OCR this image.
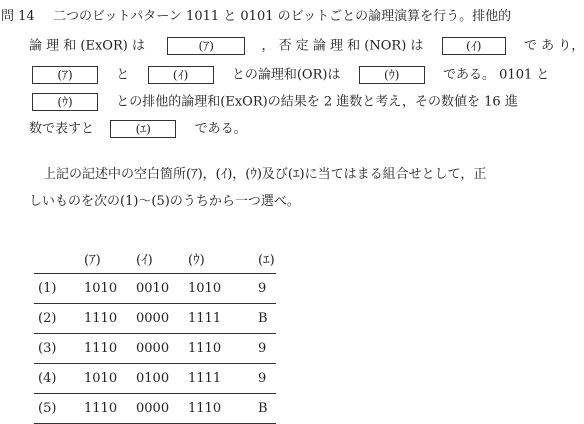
問 14 二つのビットパターン 1011 と 0101 のビットごとの論理演算を行う。排他的
論 理 和 (ExOR) は	(ｱ)	， 否 定 論 理 和 (NOR) は	(ｲ)	で あ り，
(ｱ)	と	(ｲ)	との論理和(OR)は	(ｳ)	である。 0101 と
(ｳ)	との排他的論理和(ExOR)の結果を 2 進数と考え，その数値を 16 進
数で表すと	(ｴ)	である。
上記の記述中の空白箇所(ｱ)，(ｲ)，(ｳ)及び(ｴ)に当てはまる組合せとして，正
しいものを次の(1)～(5)のうちから一つ選べ。
	(ｱ)	(ｲ)	(ｳ)	(ｴ)
(1)	1010	0010	1010	9
(2)	1110	0000	1111	B
(3)	1110	0000	1110	9
(4)	1010	0100	1111	9
(5)	1110	0000	1110	B
